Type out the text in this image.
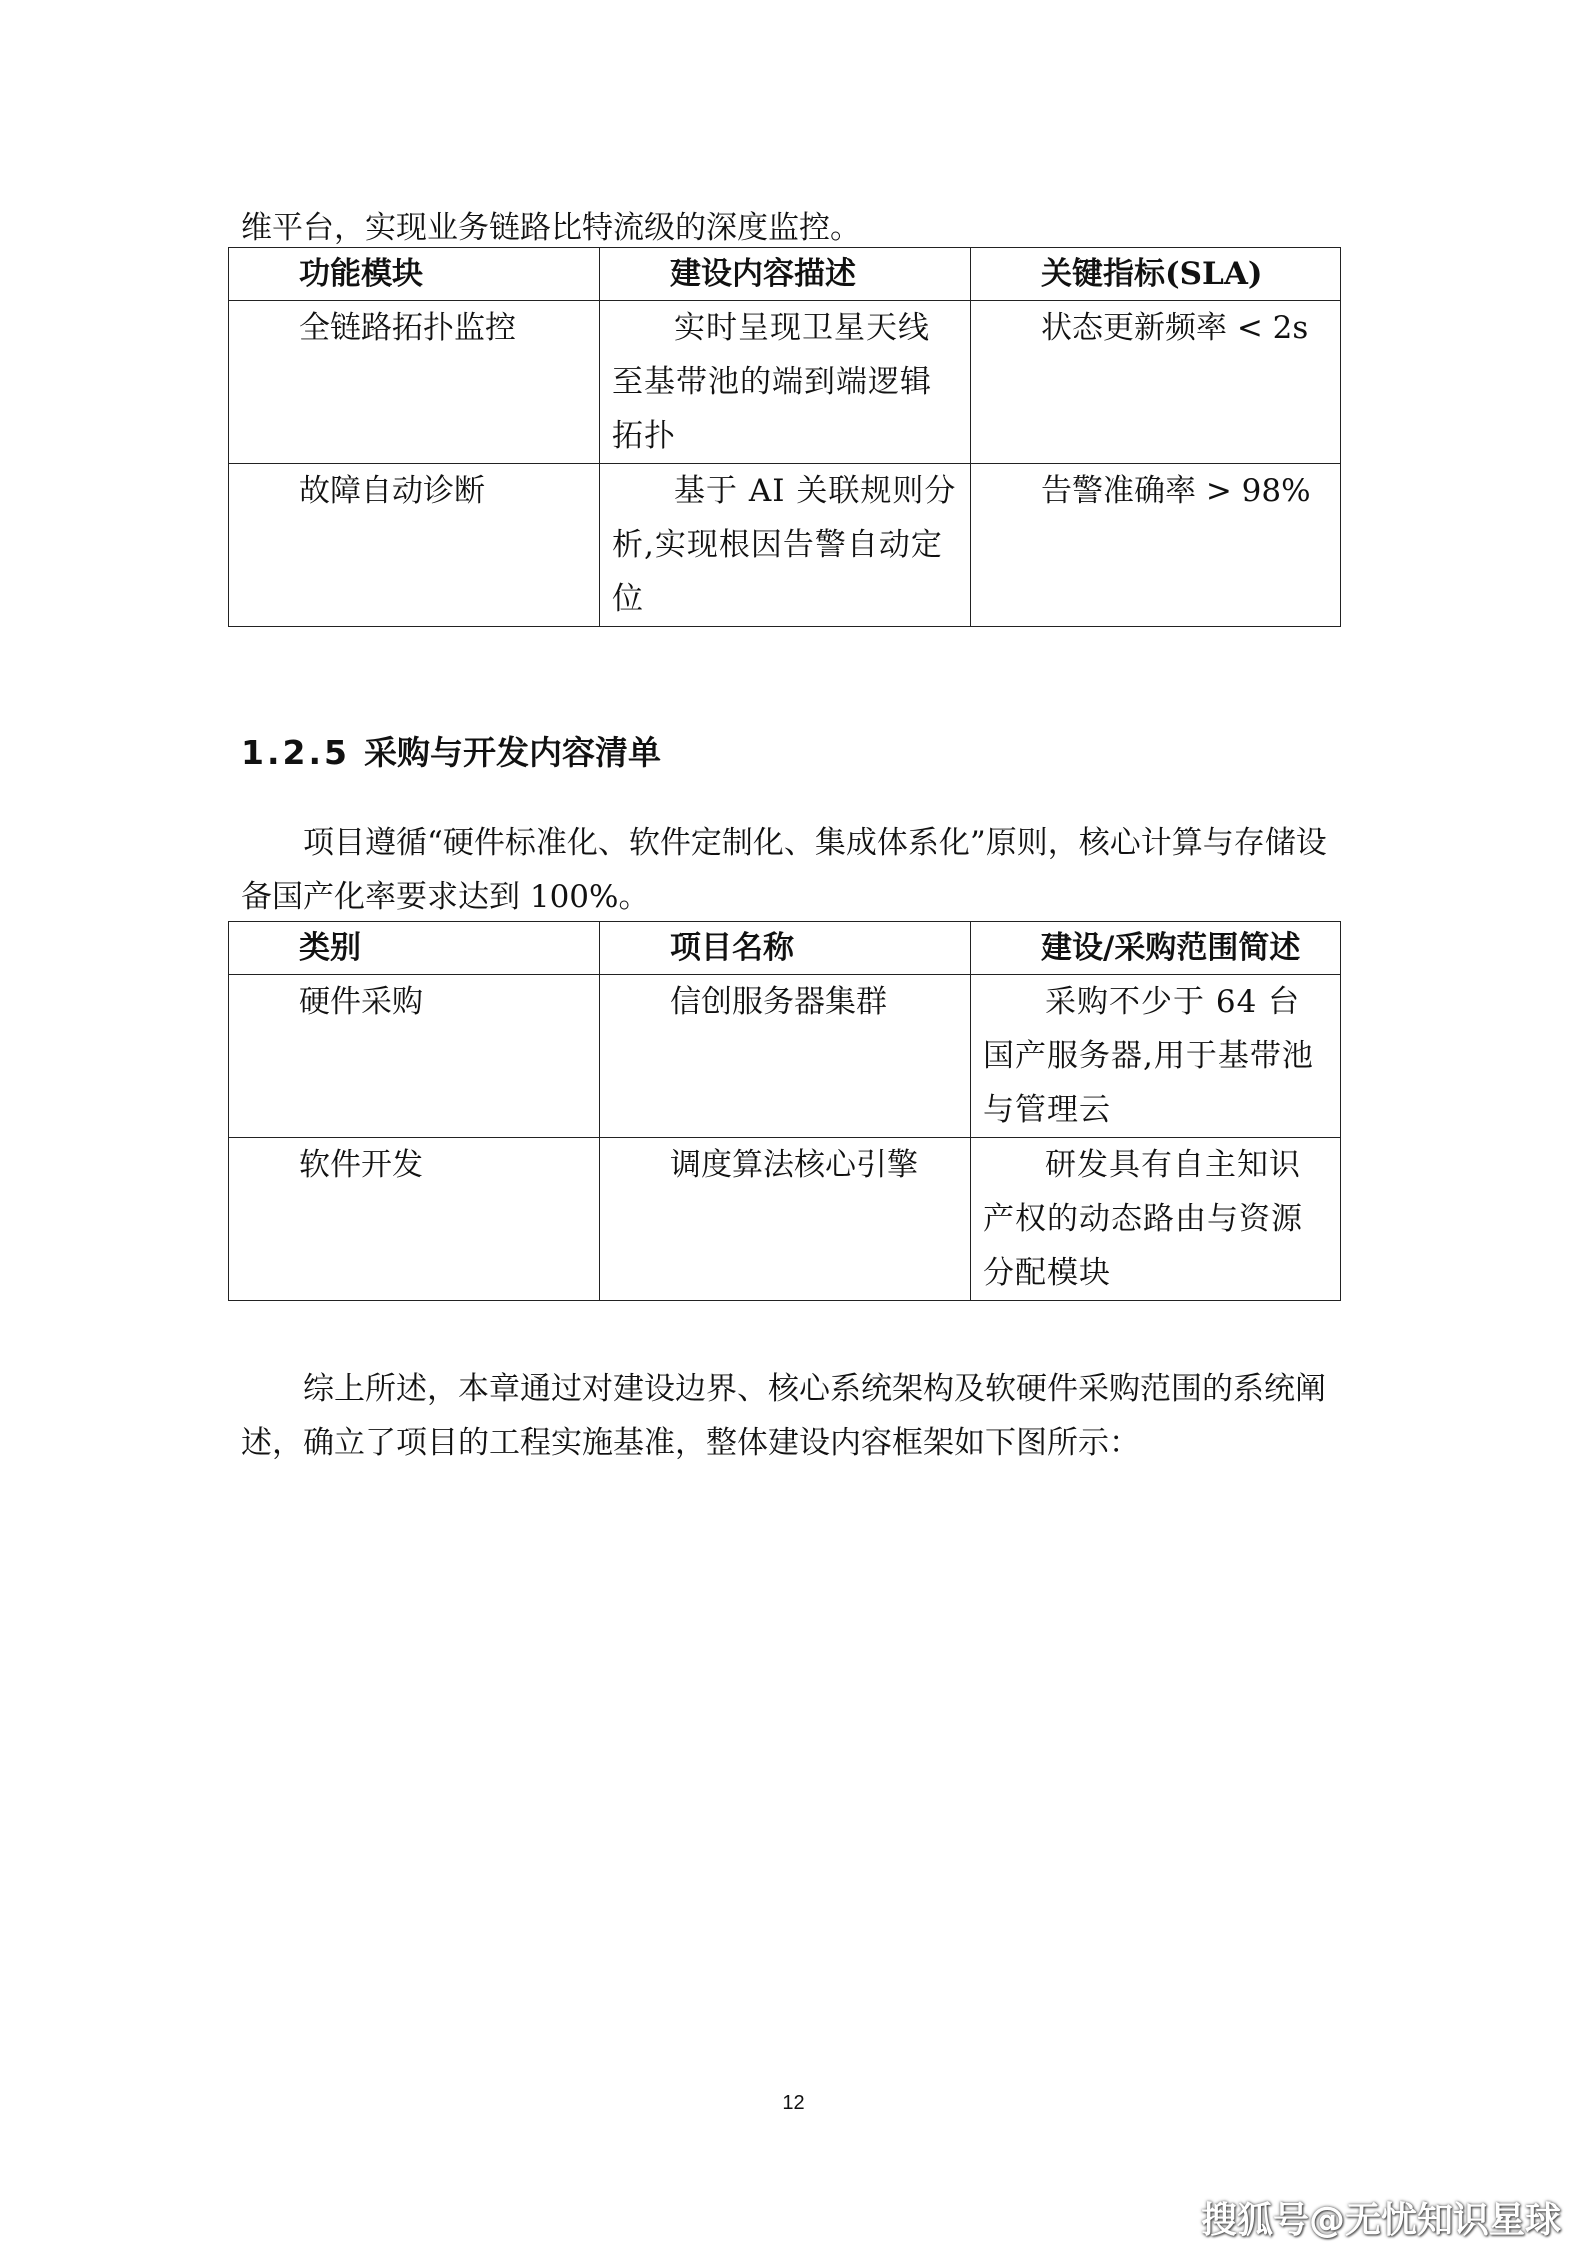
维平台，实现业务链路比特流级的深度监控。

功能模块	建设内容描述	关键指标(SLA)
全链路拓扑监控	实时呈现卫星天线至基带池的端到端逻辑拓扑	状态更新频率 < 2s
故障自动诊断	基于 AI 关联规则分析,实现根因告警自动定位	告警准确率 > 98%
1.2.5 采购与开发内容清单

项目遵循“硬件标准化、软件定制化、集成体系化”原则，核心计算与存储设备国产化率要求达到 100%。

类别	项目名称	建设/采购范围简述
硬件采购	信创服务器集群	采购不少于 64 台国产服务器,用于基带池与管理云
软件开发	调度算法核心引擎	研发具有自主知识产权的动态路由与资源分配模块

综上所述，本章通过对建设边界、核心系统架构及软硬件采购范围的系统阐述，确立了项目的工程实施基准，整体建设内容框架如下图所示：

12
搜狐号@无忧知识星球
